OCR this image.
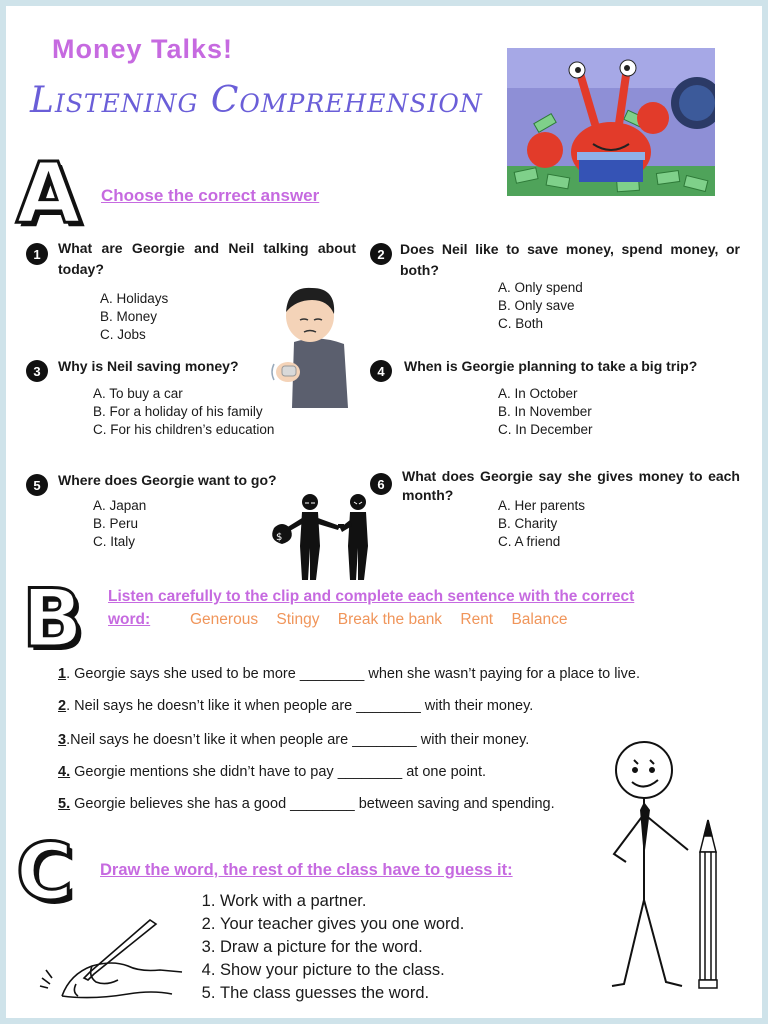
Money Talks!
Listening Comprehension
A Choose the correct answer
1	What are Georgie and Neil talking about today?
A. Holidays
B. Money
C. Jobs
2	Does Neil like to save money, spend money, or both?
A. Only spend
B. Only save
C. Both
3	Why is Neil saving money?
A. To buy a car
B. For a holiday of his family
C. For his children’s education
4	When is Georgie planning to take a big trip?
A. In October
B. In November
C. In December
5	Where does Georgie want to go?
A. Japan
B. Peru
C. Italy	$
6	What does Georgie say she gives money to each month?
A. Her parents
B. Charity
C. A friend
B Listen carefully to the clip and complete each sentence with the correct
word:	Generous Stingy Break the bank Rent Balance
1. Georgie says she used to be more ________ when she wasn’t paying for a place to live.
2. Neil says he doesn’t like it when people are ________ with their money.
3.Neil says he doesn’t like it when people are ________ with their money.
4. Georgie mentions she didn’t have to pay ________ at one point.
5. Georgie believes she has a good ________ between saving and spending.
C Draw the word, the rest of the class have to guess it:
1. Work with a partner.
2. Your teacher gives you one word.
3. Draw a picture for the word.
4. Show your picture to the class.
5. The class guesses the word.
